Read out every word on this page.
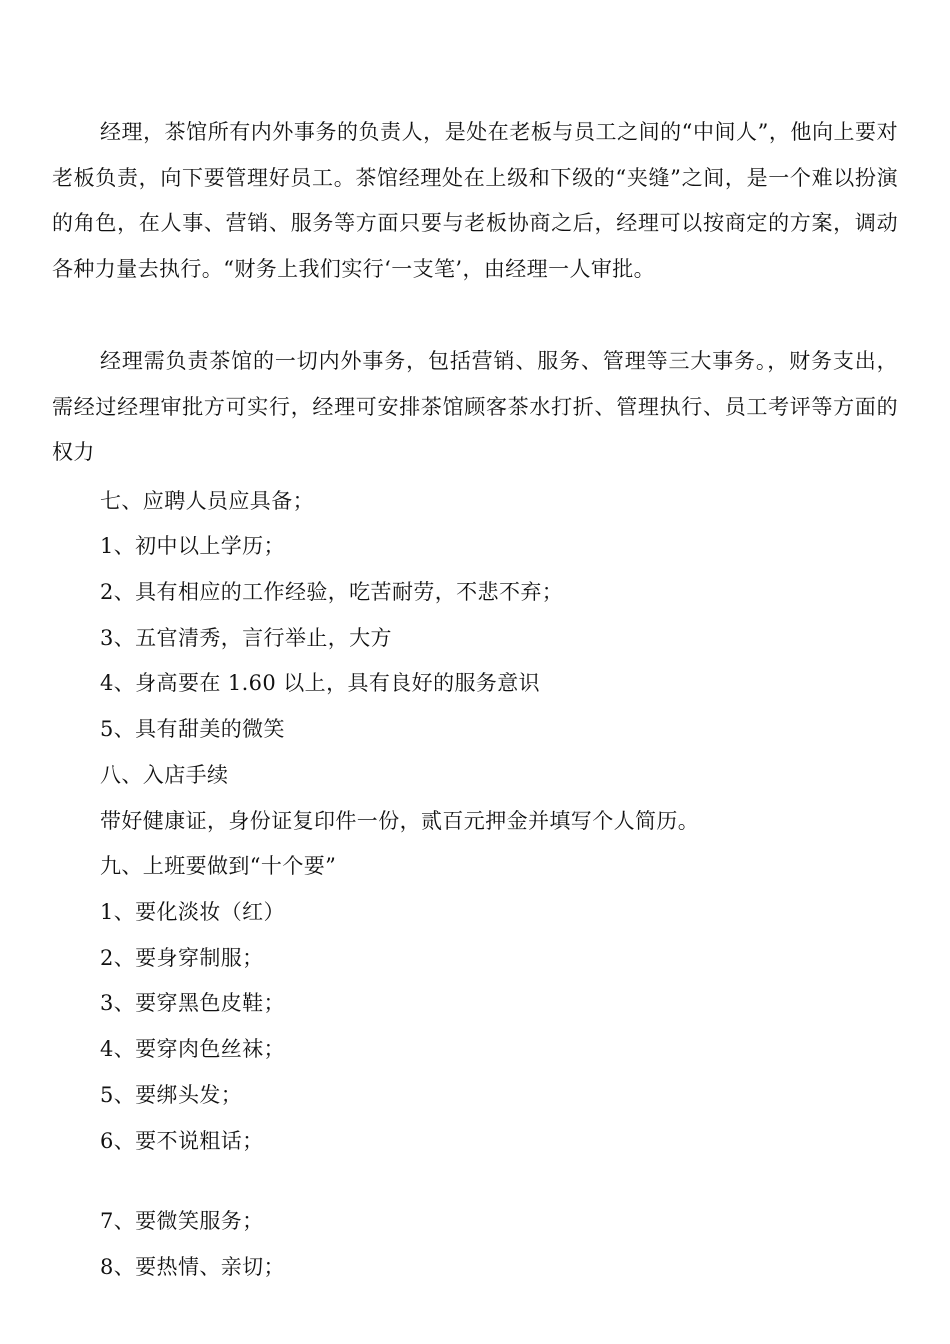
经理，茶馆所有内外事务的负责人，是处在老板与员工之间的“中间人”，他向上要对老板负责，向下要管理好员工。茶馆经理处在上级和下级的“夹缝”之间，是一个难以扮演的角色，在人事、营销、服务等方面只要与老板协商之后，经理可以按商定的方案，调动各种力量去执行。“财务上我们实行‘一支笔’，由经理一人审批。

经理需负责茶馆的一切内外事务，包括营销、服务、管理等三大事务。，财务支出，需经过经理审批方可实行，经理可安排茶馆顾客茶水打折、管理执行、员工考评等方面的权力

七、应聘人员应具备；

1、初中以上学历；

2、具有相应的工作经验，吃苦耐劳，不悲不弃；

3、五官清秀，言行举止，大方

4、身高要在 1.60 以上，具有良好的服务意识

5、具有甜美的微笑

八、入店手续

带好健康证，身份证复印件一份，贰百元押金并填写个人简历。

九、上班要做到“十个要”

1、要化淡妆（红）

2、要身穿制服；

3、要穿黑色皮鞋；

4、要穿肉色丝袜；

5、要绑头发；

6、要不说粗话；

7、要微笑服务；

8、要热情、亲切；
